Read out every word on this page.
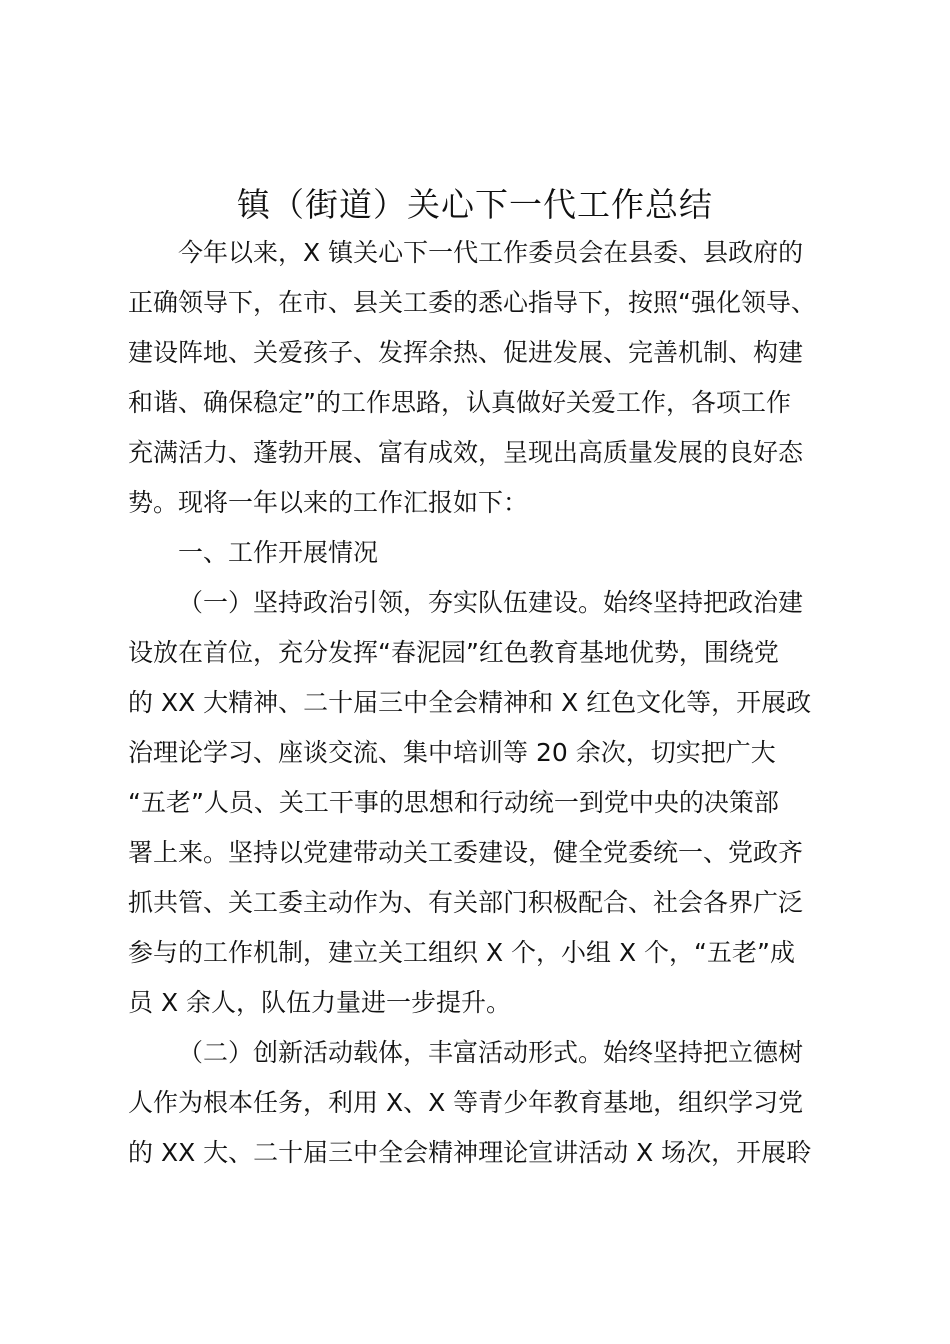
镇（街道）关心下一代工作总结
今年以来，X 镇关心下一代工作委员会在县委、县政府的
正确领导下，在市、县关工委的悉心指导下，按照“强化领导、
建设阵地、关爱孩子、发挥余热、促进发展、完善机制、构建
和谐、确保稳定”的工作思路，认真做好关爱工作，各项工作
充满活力、蓬勃开展、富有成效，呈现出高质量发展的良好态
势。现将一年以来的工作汇报如下：
一、工作开展情况
（一）坚持政治引领，夯实队伍建设。始终坚持把政治建
设放在首位，充分发挥“春泥园”红色教育基地优势，围绕党
的 XX 大精神、二十届三中全会精神和 X 红色文化等，开展政
治理论学习、座谈交流、集中培训等 20 余次，切实把广大
“五老”人员、关工干事的思想和行动统一到党中央的决策部
署上来。坚持以党建带动关工委建设，健全党委统一、党政齐
抓共管、关工委主动作为、有关部门积极配合、社会各界广泛
参与的工作机制，建立关工组织 X 个，小组 X 个，“五老”成
员 X 余人，队伍力量进一步提升。
（二）创新活动载体，丰富活动形式。始终坚持把立德树
人作为根本任务，利用 X、X 等青少年教育基地，组织学习党
的 XX 大、二十届三中全会精神理论宣讲活动 X 场次，开展聆
